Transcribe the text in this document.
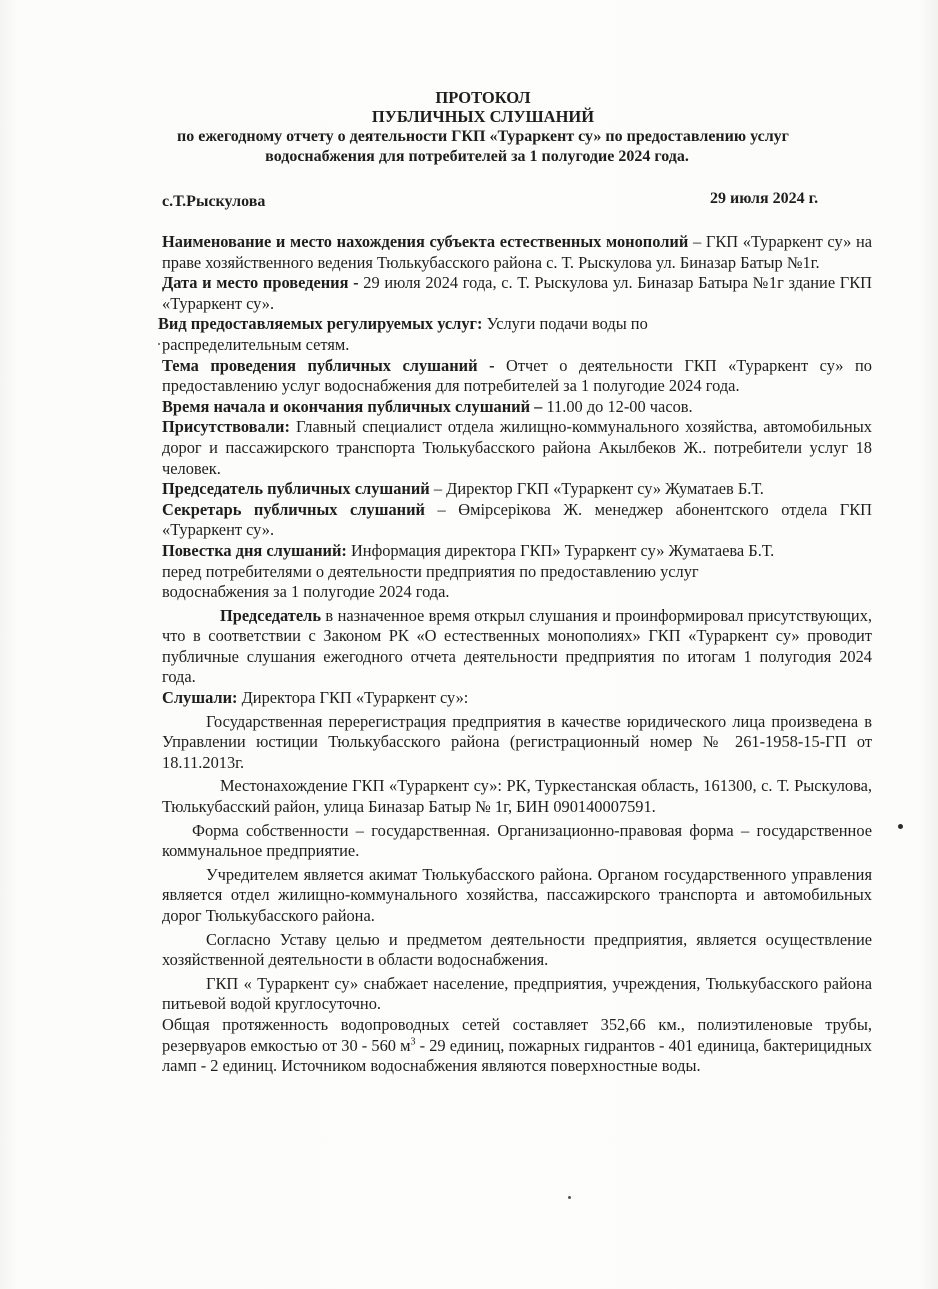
ПРОТОКОЛ
ПУБЛИЧНЫХ СЛУШАНИЙ
по ежегодному отчету о деятельности ГКП «Тураркент су» по предоставлению услуг
водоснабжения для потребителей за 1 полугодие 2024 года.
с.Т.Рыскулова	29 июля 2024 г.

Наименование и место нахождения субъекта естественных монополий – ГКП «Тураркент су» на праве хозяйственного ведения Тюлькубасского района с. Т. Рыскулова ул. Биназар Батыр №1г.

Дата и место проведения - 29 июля 2024 года, с. Т. Рыскулова ул. Биназар Батыра №1г здание ГКП «Тураркент су».

Вид предоставляемых регулируемых услуг: Услуги подачи воды по

распределительным сетям.

Тема проведения публичных слушаний - Отчет о деятельности ГКП «Тураркент су» по предоставлению услуг водоснабжения для потребителей за 1 полугодие 2024 года.

Время начала и окончания публичных слушаний – 11.00 до 12-00 часов.

Присутствовали: Главный специалист отдела жилищно-коммунального хозяйства, автомобильных дорог и пассажирского транспорта Тюлькубасского района Акылбеков Ж.. потребители услуг 18 человек.

Председатель публичных слушаний – Директор ГКП «Тураркент су» Жуматаев Б.Т.

Секретарь публичных слушаний – Өмірсерікова Ж. менеджер абонентского отдела ГКП «Тураркент су».

Повестка дня слушаний: Информация директора ГКП» Тураркент су» Жуматаева Б.Т.

перед потребителями о деятельности предприятия по предоставлению услуг

водоснабжения за 1 полугодие 2024 года.

Председатель в назначенное время открыл слушания и проинформировал присутствующих, что в соответствии с Законом РК «О естественных монополиях» ГКП «Тураркент су» проводит публичные слушания ежегодного отчета деятельности предприятия по итогам 1 полугодия 2024 года.

Слушали: Директора ГКП «Тураркент су»:

Государственная перерегистрация предприятия в качестве юридического лица произведена в Управлении юстиции Тюлькубасского района (регистрационный номер № 261-1958-15-ГП от 18.11.2013г.

Местонахождение ГКП «Тураркент су»: РК, Туркестанская область, 161300, с. Т. Рыскулова, Тюлькубасский район, улица Биназар Батыр № 1г, БИН 090140007591.

Форма собственности – государственная. Организационно-правовая форма – государственное коммунальное предприятие.

Учредителем является акимат Тюлькубасского района. Органом государственного управления является отдел жилищно-коммунального хозяйства, пассажирского транспорта и автомобильных дорог Тюлькубасского района.

Согласно Уставу целью и предметом деятельности предприятия, является осуществление хозяйственной деятельности в области водоснабжения.

ГКП « Тураркент су» снабжает население, предприятия, учреждения, Тюлькубасского района питьевой водой круглосуточно.

Общая протяженность водопроводных сетей составляет 352,66 км., полиэтиленовые трубы, резервуаров емкостью от 30 - 560 $м^3 - 29$ единиц, пожарных гидрантов - 401 единица, бактерицидных ламп - 2 единиц. Источником водоснабжения являются поверхностные воды.
